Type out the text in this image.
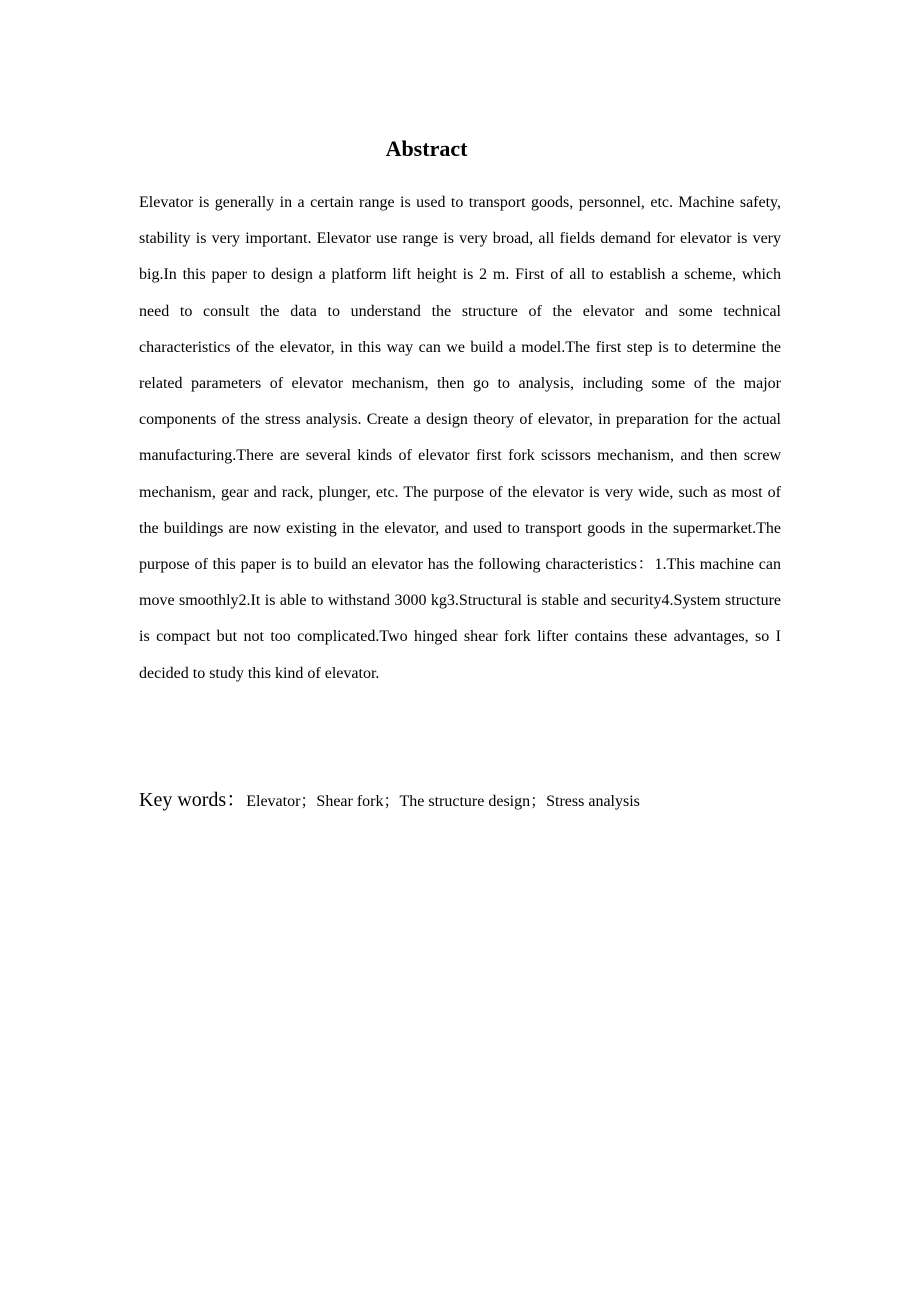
Abstract

Elevator is generally in a certain range is used to transport goods, personnel, etc. Machine safety, stability is very important. Elevator use range is very broad, all fields demand for elevator is very big.In this paper to design a platform lift height is 2 m. First of all to establish a scheme, which need to consult the data to understand the structure of the elevator and some technical characteristics of the elevator, in this way can we build a model.The first step is to determine the related parameters of elevator mechanism, then go to analysis, including some of the major components of the stress analysis. Create a design theory of elevator, in preparation for the actual manufacturing.There are several kinds of elevator first fork scissors mechanism, and then screw mechanism, gear and rack, plunger, etc. The purpose of the elevator is very wide, such as most of the buildings are now existing in the elevator, and used to transport goods in the supermarket.The purpose of this paper is to build an elevator has the following characteristics：1.This machine can move smoothly2.It is able to withstand 3000 kg3.Structural is stable and security4.System structure is compact but not too complicated.Two hinged shear fork lifter contains these advantages, so I decided to study this kind of elevator.

Key words：Elevator；Shear fork；The structure design；Stress analysis
